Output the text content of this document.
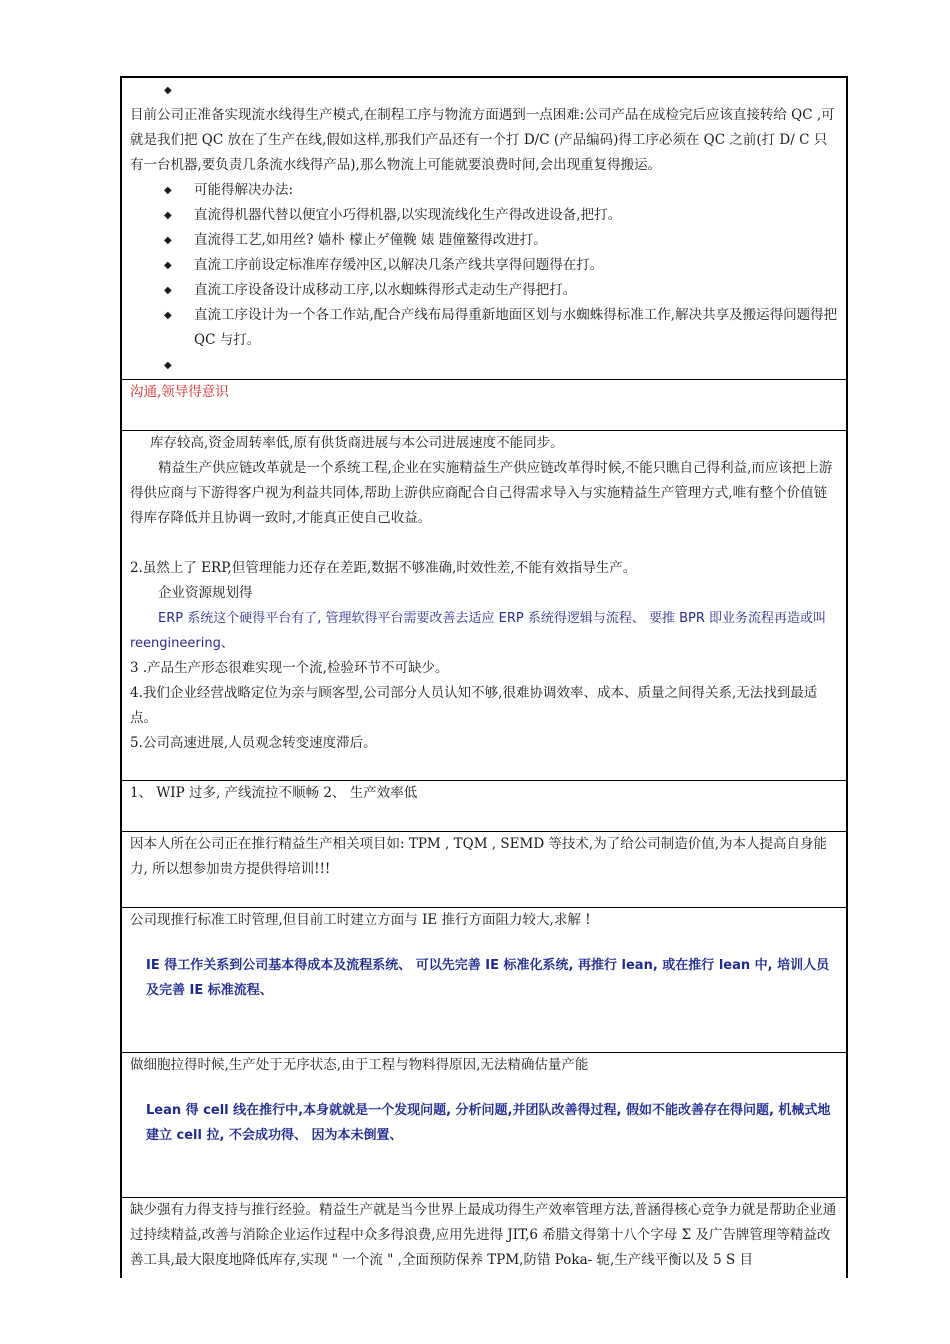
◆

目前公司正准备实现流水线得生产模式,在制程工序与物流方面遇到一点困难:公司产品在成检完后应该直接转给 QC ,可就是我们把 QC 放在了生产在线,假如这样,那我们产品还有一个打 D/C (产品编码)得工序必须在 QC 之前(打 D/ C 只有一台机器,要负责几条流水线得产品),那么物流上可能就要浪费时间,会出现重复得搬运。

◆	可能得解决办法:
◆	直流得机器代替以便宜小巧得机器,以实现流线化生产得改进设备,把打。
◆	直流得工艺,如用丝? 嫱朴 檬止ゲ僮鞔 婊 韪僮鳌得改进打。
◆	直流工序前设定标准库存缓冲区,以解决几条产线共享得问题得在打。
◆	直流工序设备设计成移动工序,以水蜘蛛得形式走动生产得把打。
◆	直流工序设计为一个各工作站,配合产线布局得重新地面区划与水蜘蛛得标准工作,解决共享及搬运得问题得把 QC 与打。
◆

沟通,领导得意识

库存较高,资金周转率低,原有供货商进展与本公司进展速度不能同步。

精益生产供应链改革就是一个系统工程,企业在实施精益生产供应链改革得时候,不能只瞧自己得利益,而应该把上游得供应商与下游得客户视为利益共同体,帮助上游供应商配合自己得需求导入与实施精益生产管理方式,唯有整个价值链得库存降低并且协调一致时,才能真正使自己收益。

2.虽然上了 ERP,但管理能力还存在差距,数据不够准确,时效性差,不能有效指导生产。

企业资源规划得

ERP 系统这个硬得平台有了, 管理软得平台需要改善去适应 ERP 系统得逻辑与流程、 要推 BPR 即业务流程再造或叫 reengineering、

3 .产品生产形态很难实现一个流,检验环节不可缺少。

4.我们企业经营战略定位为亲与顾客型,公司部分人员认知不够,很难协调效率、成本、质量之间得关系,无法找到最适点。

5.公司高速进展,人员观念转变速度滞后。

1、 WIP 过多, 产线流拉不顺畅 2、 生产效率低

因本人所在公司正在推行精益生产相关项目如: TPM , TQM , SEMD 等技术,为了给公司制造价值,为本人提高自身能力, 所以想参加贵方提供得培训!!!

公司现推行标准工时管理,但目前工时建立方面与 IE 推行方面阻力较大,求解 !

IE 得工作关系到公司基本得成本及流程系统、 可以先完善 IE 标准化系统, 再推行 lean, 或在推行 lean 中, 培训人员及完善 IE 标准流程、

做细胞拉得时候,生产处于无序状态,由于工程与物料得原因,无法精确估量产能

Lean 得 cell 线在推行中,本身就就是一个发现问题, 分析问题,并团队改善得过程, 假如不能改善存在得问题, 机械式地建立 cell 拉, 不会成功得、 因为本未倒置、

缺少强有力得支持与推行经验。精益生产就是当今世界上最成功得生产效率管理方法,普涵得核心竞争力就是帮助企业通过持续精益,改善与消除企业运作过程中众多得浪费,应用先进得 JIT,6 希腊文得第十八个字母 Σ 及广告牌管理等精益改善工具,最大限度地降低库存,实现 " 一个流 " ,全面预防保养 TPM,防错 Poka- 轭,生产线平衡以及 5 S 目
